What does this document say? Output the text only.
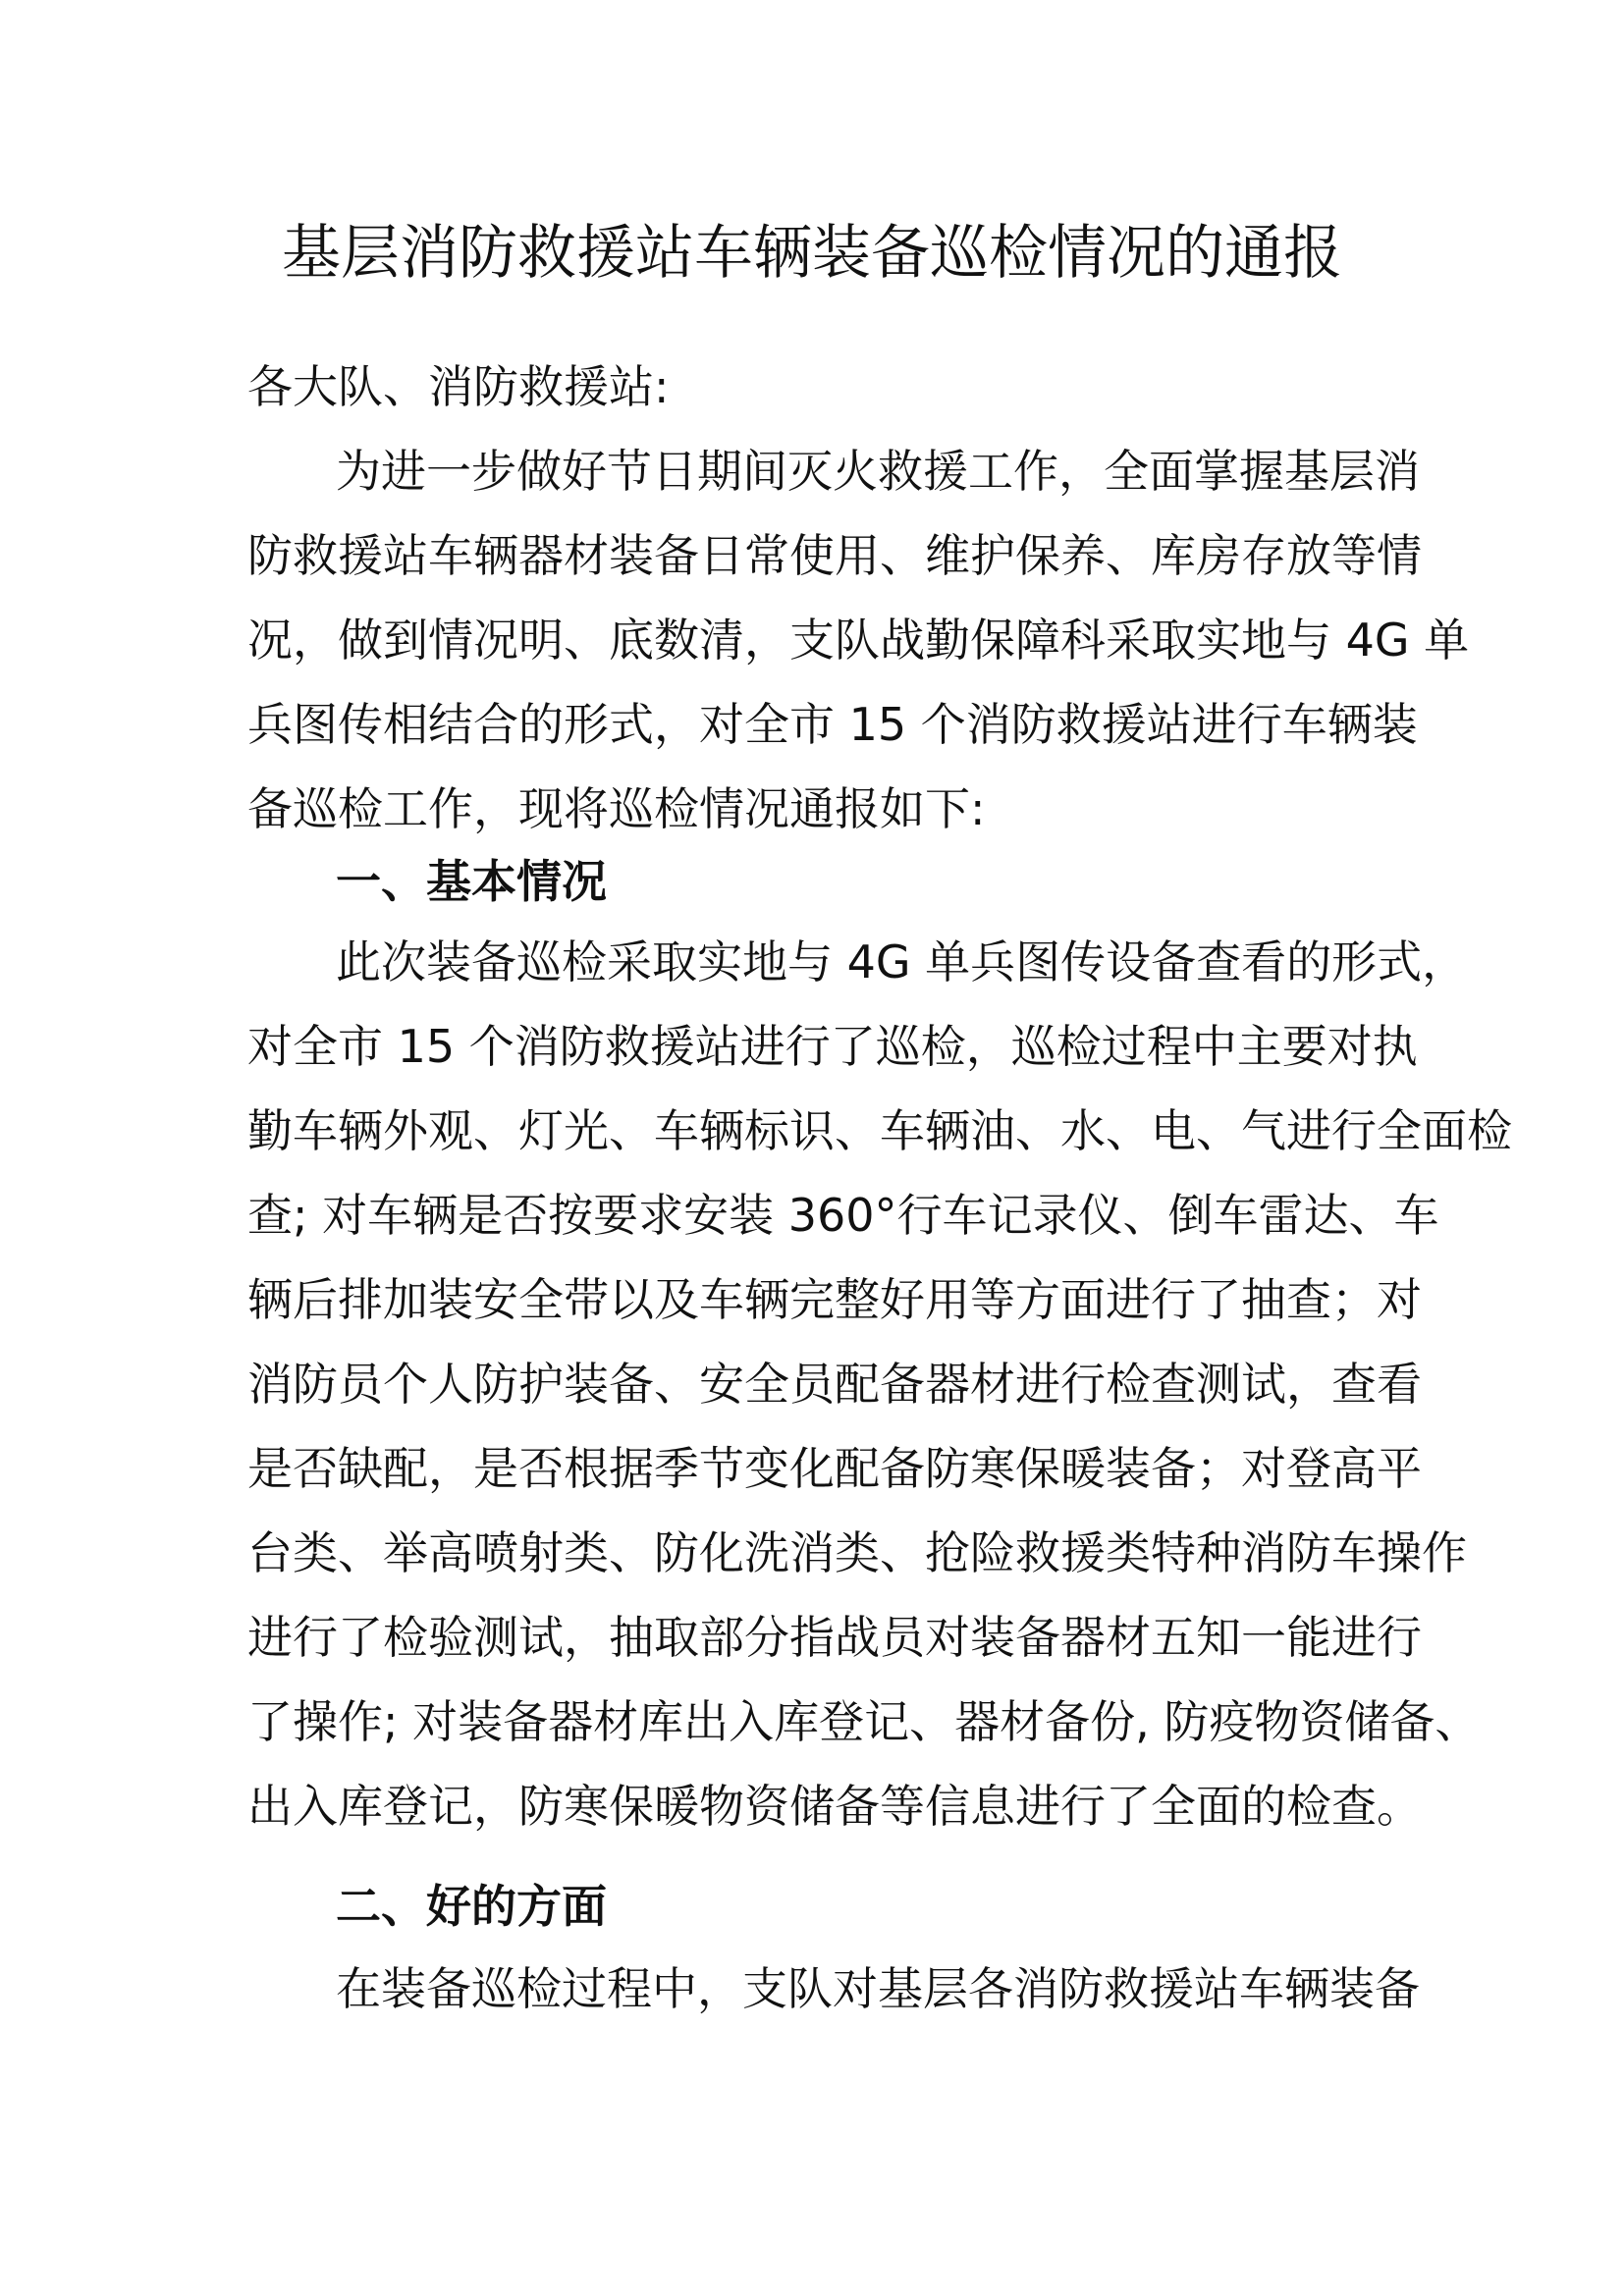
基层消防救援站车辆装备巡检情况的通报
各大队、消防救援站:
为进一步做好节日期间灭火救援工作，全面掌握基层消
防救援站车辆器材装备日常使用、维护保养、库房存放等情
况，做到情况明、底数清，支队战勤保障科采取实地与 4G 单
兵图传相结合的形式，对全市 15 个消防救援站进行车辆装
备巡检工作，现将巡检情况通报如下:
一、基本情况
此次装备巡检采取实地与 4G 单兵图传设备查看的形式，
对全市 15 个消防救援站进行了巡检，巡检过程中主要对执
勤车辆外观、灯光、车辆标识、车辆油、水、电、气进行全面检
查; 对车辆是否按要求安装 360°行车记录仪、倒车雷达、车
辆后排加装安全带以及车辆完整好用等方面进行了抽查；对
消防员个人防护装备、安全员配备器材进行检查测试，查看
是否缺配，是否根据季节变化配备防寒保暖装备；对登高平
台类、举高喷射类、防化洗消类、抢险救援类特种消防车操作
进行了检验测试，抽取部分指战员对装备器材五知一能进行
了操作; 对装备器材库出入库登记、器材备份, 防疫物资储备、
出入库登记，防寒保暖物资储备等信息进行了全面的检查。
二、好的方面
在装备巡检过程中，支队对基层各消防救援站车辆装备
